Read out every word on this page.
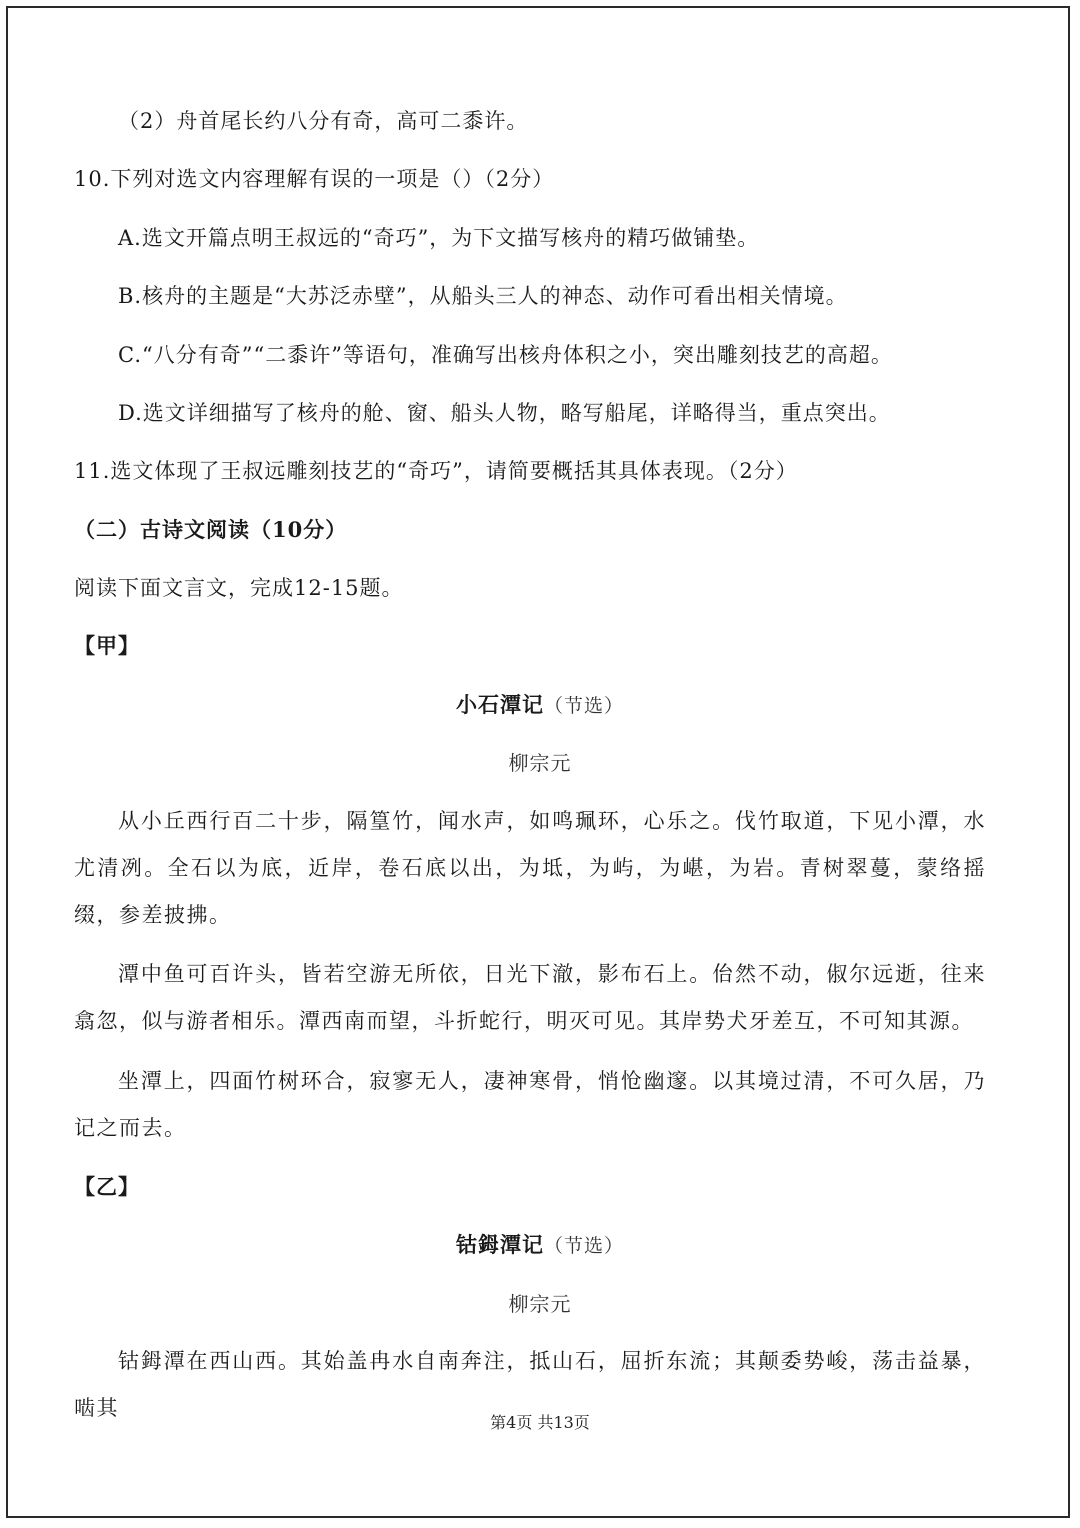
（2）舟首尾长约八分有奇，高可二黍许。
10.下列对选文内容理解有误的一项是（）（2分）
A.选文开篇点明王叔远的“奇巧”，为下文描写核舟的精巧做铺垫。
B.核舟的主题是“大苏泛赤壁”，从船头三人的神态、动作可看出相关情境。
C.“八分有奇”“二黍许”等语句，准确写出核舟体积之小，突出雕刻技艺的高超。
D.选文详细描写了核舟的舱、窗、船头人物，略写船尾，详略得当，重点突出。
11.选文体现了王叔远雕刻技艺的“奇巧”，请简要概括其具体表现。（2分）
（二）古诗文阅读（10分）
阅读下面文言文，完成12-15题。
【甲】
小石潭记（节选）
柳宗元
从小丘西行百二十步，隔篁竹，闻水声，如鸣珮环，心乐之。伐竹取道，下见小潭，水尤清冽。全石以为底，近岸，卷石底以出，为坻，为屿，为嵁，为岩。青树翠蔓，蒙络摇缀，参差披拂。
潭中鱼可百许头，皆若空游无所依，日光下澈，影布石上。佁然不动，俶尔远逝，往来翕忽，似与游者相乐。潭西南而望，斗折蛇行，明灭可见。其岸势犬牙差互，不可知其源。
坐潭上，四面竹树环合，寂寥无人，凄神寒骨，悄怆幽邃。以其境过清，不可久居，乃记之而去。
【乙】
钴鉧潭记（节选）
柳宗元
钴鉧潭在西山西。其始盖冉水自南奔注，抵山石，屈折东流；其颠委势峻，荡击益暴，啮其
第4页 共13页
